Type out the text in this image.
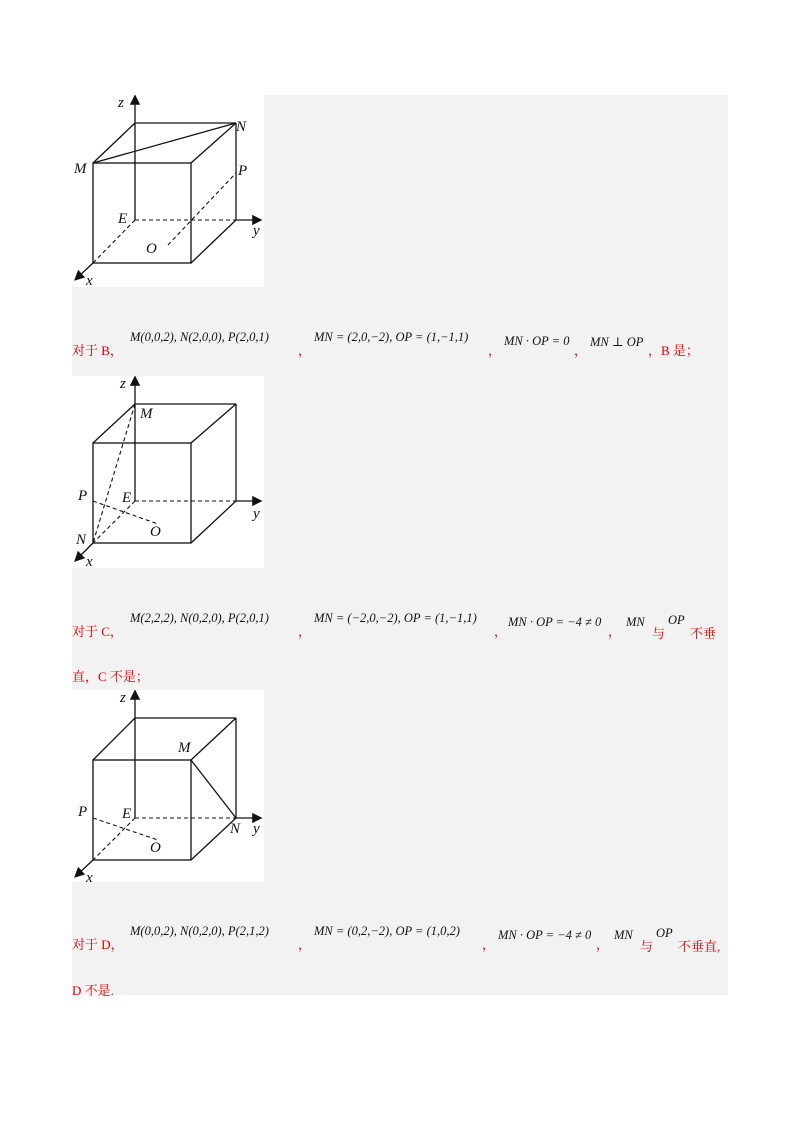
z
M
N
P
E
O
y
x
对于 B，
M(0,0,2), N(2,0,0), P(2,0,1)
，
MN = (2,0,−2), OP = (1,−1,1)
，
MN · OP = 0
，
MN ⊥ OP
，B 是；
z
M
P E
O
N
y
x
对于 C，
M(2,2,2), N(0,2,0), P(2,0,1)
，
MN = (−2,0,−2), OP = (1,−1,1)
，
MN · OP = −4 ≠ 0
，
MN
与
OP
不垂
直，C 不是；
z
M
P E
O
N y
x
对于 D，
M(0,0,2), N(0,2,0), P(2,1,2)
，
MN = (0,2,−2), OP = (1,0,2)
，
MN · OP = −4 ≠ 0
，
MN
与
OP
不垂直,
D 不是.
